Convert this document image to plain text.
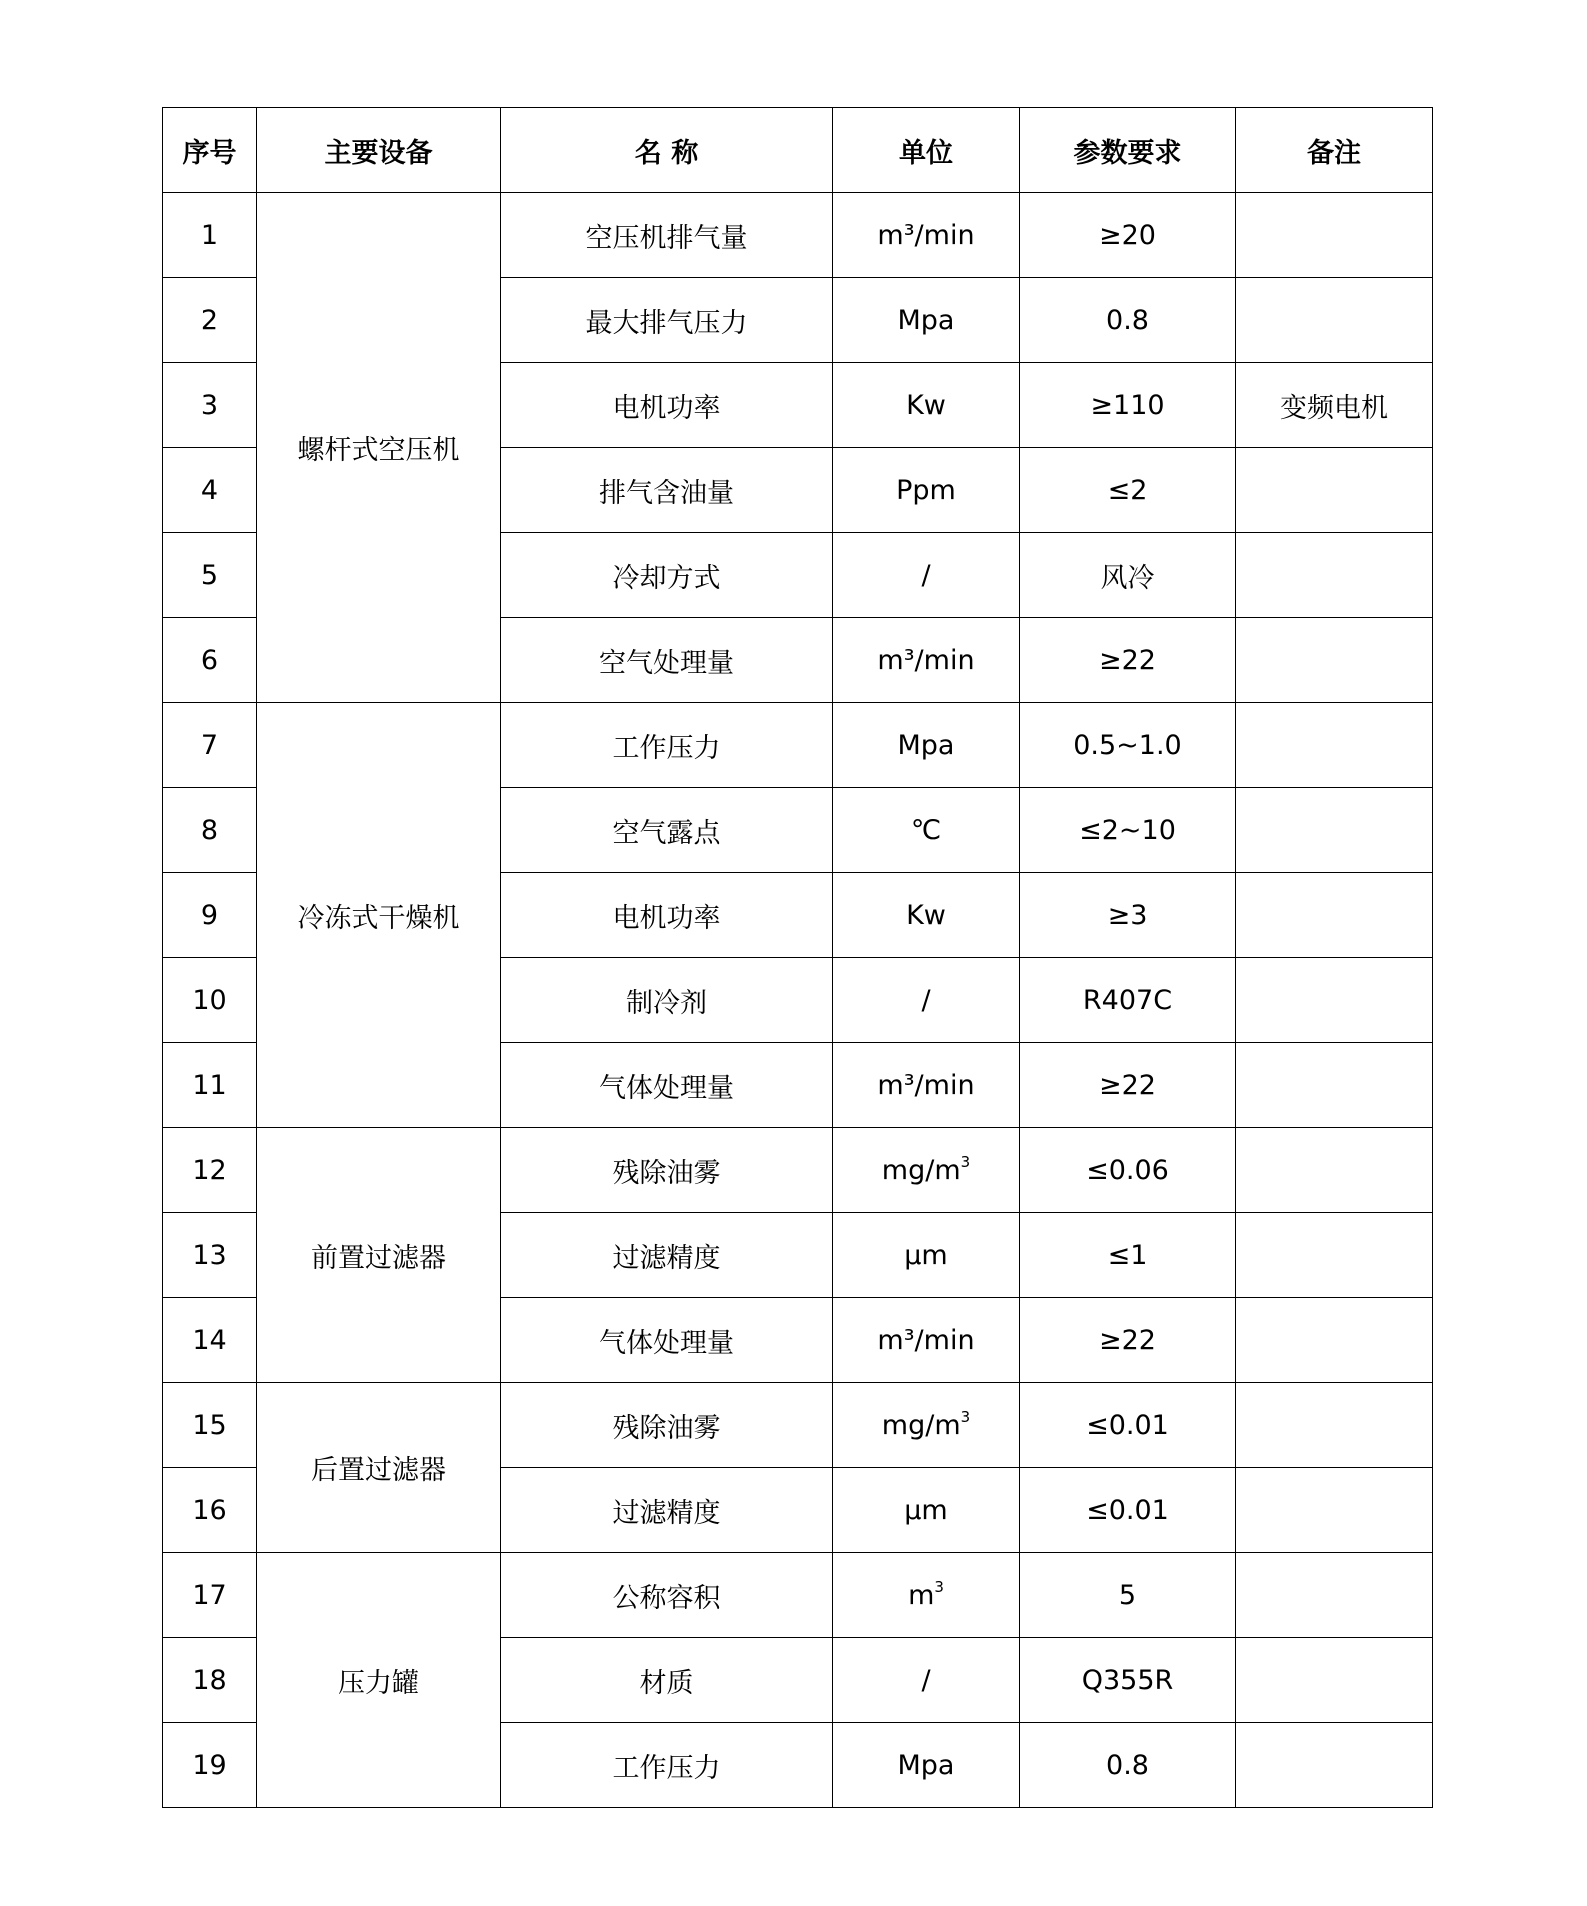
序号	主要设备	名 称	单位	参数要求	备注
1	螺杆式空压机	空压机排气量	m³/min	≥20	
2		最大排气压力	Mpa	0.8	
3		电机功率	Kw	≥110	变频电机
4		排气含油量	Ppm	≤2	
5		冷却方式	/	风冷	
6		空气处理量	m³/min	≥22	
7	冷冻式干燥机	工作压力	Mpa	0.5~1.0	
8		空气露点	℃	≤2~10	
9		电机功率	Kw	≥3	
10		制冷剂	/	R407C	
11		气体处理量	m³/min	≥22	
12	前置过滤器	残除油雾	$mg/m^3$	≤0.06	
13		过滤精度	μm	≤1	
14		气体处理量	m³/min	≥22	
15	后置过滤器	残除油雾	$mg/m^3$	≤0.01	
16		过滤精度	μm	≤0.01	
17	压力罐	公称容积	$m^3$	5	
18		材质	/	Q355R	
19		工作压力	Mpa	0.8	
